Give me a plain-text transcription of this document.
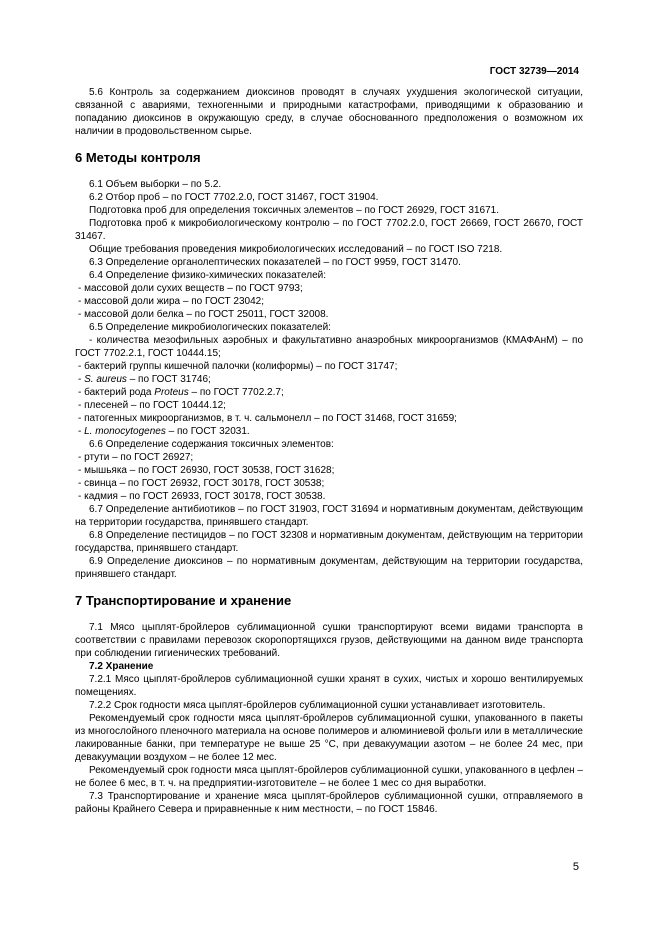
ГОСТ 32739—2014

5.6 Контроль за содержанием диоксинов проводят в случаях ухудшения экологической ситуации, связанной с авариями, техногенными и природными катастрофами, приводящими к образованию и попаданию диоксинов в окружающую среду, в случае обоснованного предположения о возможном их наличии в продовольственном сырье.

6 Методы контроля

6.1 Объем выборки – по 5.2.

6.2 Отбор проб – по ГОСТ 7702.2.0, ГОСТ 31467, ГОСТ 31904.

Подготовка проб для определения токсичных элементов – по ГОСТ 26929, ГОСТ 31671.

Подготовка проб к микробиологическому контролю – по ГОСТ 7702.2.0, ГОСТ 26669, ГОСТ 26670, ГОСТ 31467.

Общие требования проведения микробиологических исследований – по ГОСТ ISO 7218.

6.3 Определение органолептических показателей – по ГОСТ 9959, ГОСТ 31470.

6.4 Определение физико-химических показателей:

- массовой доли сухих веществ – по ГОСТ 9793;

- массовой доли жира – по ГОСТ 23042;

- массовой доли белка – по ГОСТ 25011, ГОСТ 32008.

6.5 Определение микробиологических показателей:

- количества мезофильных аэробных и факультативно анаэробных микроорганизмов (КМАФАнМ) – по ГОСТ 7702.2.1, ГОСТ 10444.15;

- бактерий группы кишечной палочки (колиформы) – по ГОСТ 31747;

- S. aureus – по ГОСТ 31746;

- бактерий рода Proteus – по ГОСТ 7702.2.7;

- плесеней – по ГОСТ 10444.12;

- патогенных микроорганизмов, в т. ч. сальмонелл – по ГОСТ 31468, ГОСТ 31659;

- L. monocytogenes – по ГОСТ 32031.

6.6 Определение содержания токсичных элементов:

- ртути – по ГОСТ 26927;

- мышьяка – по ГОСТ 26930, ГОСТ 30538, ГОСТ 31628;

- свинца – по ГОСТ 26932, ГОСТ 30178, ГОСТ 30538;

- кадмия – по ГОСТ 26933, ГОСТ 30178, ГОСТ 30538.

6.7 Определение антибиотиков – по ГОСТ 31903, ГОСТ 31694 и нормативным документам, действующим на территории государства, принявшего стандарт.

6.8 Определение пестицидов – по ГОСТ 32308 и нормативным документам, действующим на территории государства, принявшего стандарт.

6.9 Определение диоксинов – по нормативным документам, действующим на территории государства, принявшего стандарт.

7 Транспортирование и хранение

7.1 Мясо цыплят-бройлеров сублимационной сушки транспортируют всеми видами транспорта в соответствии с правилами перевозок скоропортящихся грузов, действующими на данном виде транспорта при соблюдении гигиенических требований.

7.2 Хранение

7.2.1 Мясо цыплят-бройлеров сублимационной сушки хранят в сухих, чистых и хорошо вентилируемых помещениях.

7.2.2 Срок годности мяса цыплят-бройлеров сублимационной сушки устанавливает изготовитель.

Рекомендуемый срок годности мяса цыплят-бройлеров сублимационной сушки, упакованного в пакеты из многослойного пленочного материала на основе полимеров и алюминиевой фольги или в металлические лакированные банки, при температуре не выше 25 °С, при девакуумации азотом – не более 24 мес, при девакуумации воздухом – не более 12 мес.

Рекомендуемый срок годности мяса цыплят-бройлеров сублимационной сушки, упакованного в цефлен – не более 6 мес, в т. ч. на предприятии-изготовителе – не более 1 мес со дня выработки.

7.3 Транспортирование и хранение мяса цыплят-бройлеров сублимационной сушки, отправляемого в районы Крайнего Севера и приравненные к ним местности, – по ГОСТ 15846.

5
